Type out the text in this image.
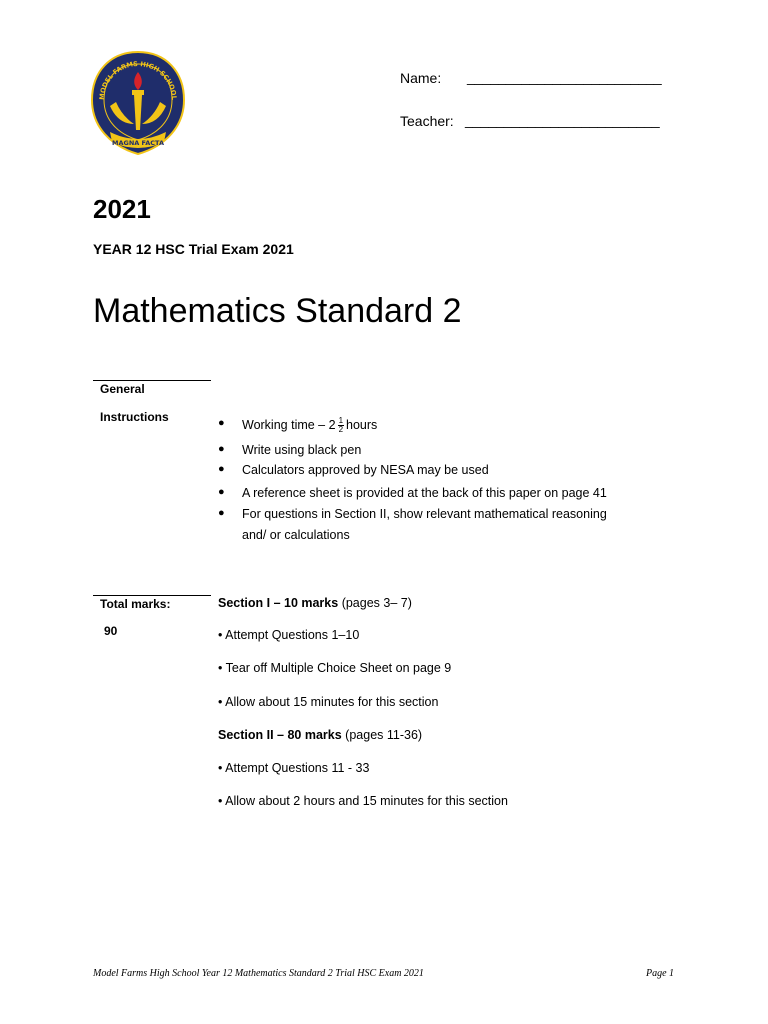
MODEL FARMS HIGH SCHOOL
MAGNA FACTA
Name: _________________________
Teacher: _________________________
2021
YEAR 12 HSC Trial Exam 2021
Mathematics Standard 2
General
Instructions	● Working time – $2 \frac{1}{2}$ hours
● Write using black pen
● Calculators approved by NESA may be used
● A reference sheet is provided at the back of this paper on page 41
● For questions in Section II, show relevant mathematical reasoning
and/ or calculations
Total marks:
90
Section I – 10 marks (pages 3– 7)
• Attempt Questions 1–10
• Tear off Multiple Choice Sheet on page 9
• Allow about 15 minutes for this section
Section II – 80 marks (pages 11-36)
• Attempt Questions 11 - 33
• Allow about 2 hours and 15 minutes for this section
Model Farms High School Year 12 Mathematics Standard 2 Trial HSC Exam 2021	Page 1
